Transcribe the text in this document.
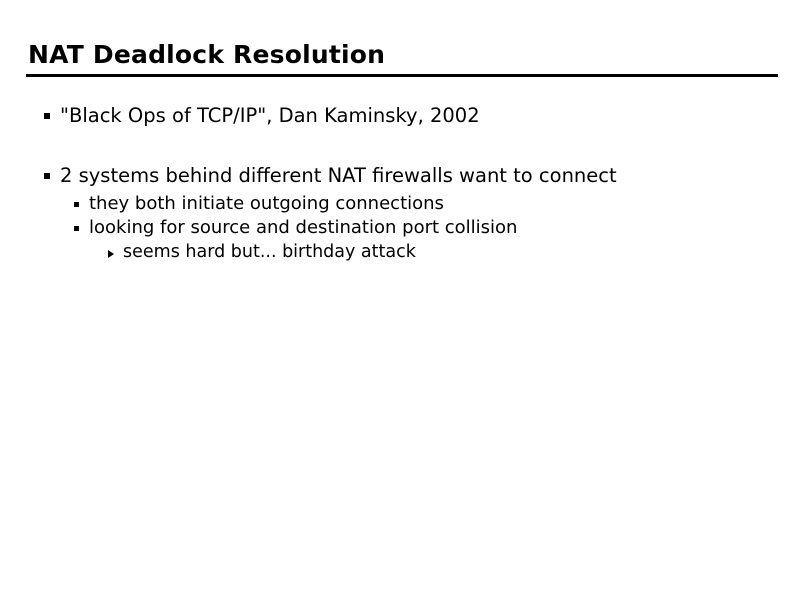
NAT Deadlock Resolution
"Black Ops of TCP/IP", Dan Kaminsky, 2002
2 systems behind different NAT firewalls want to connect
they both initiate outgoing connections
looking for source and destination port collision
seems hard but... birthday attack
